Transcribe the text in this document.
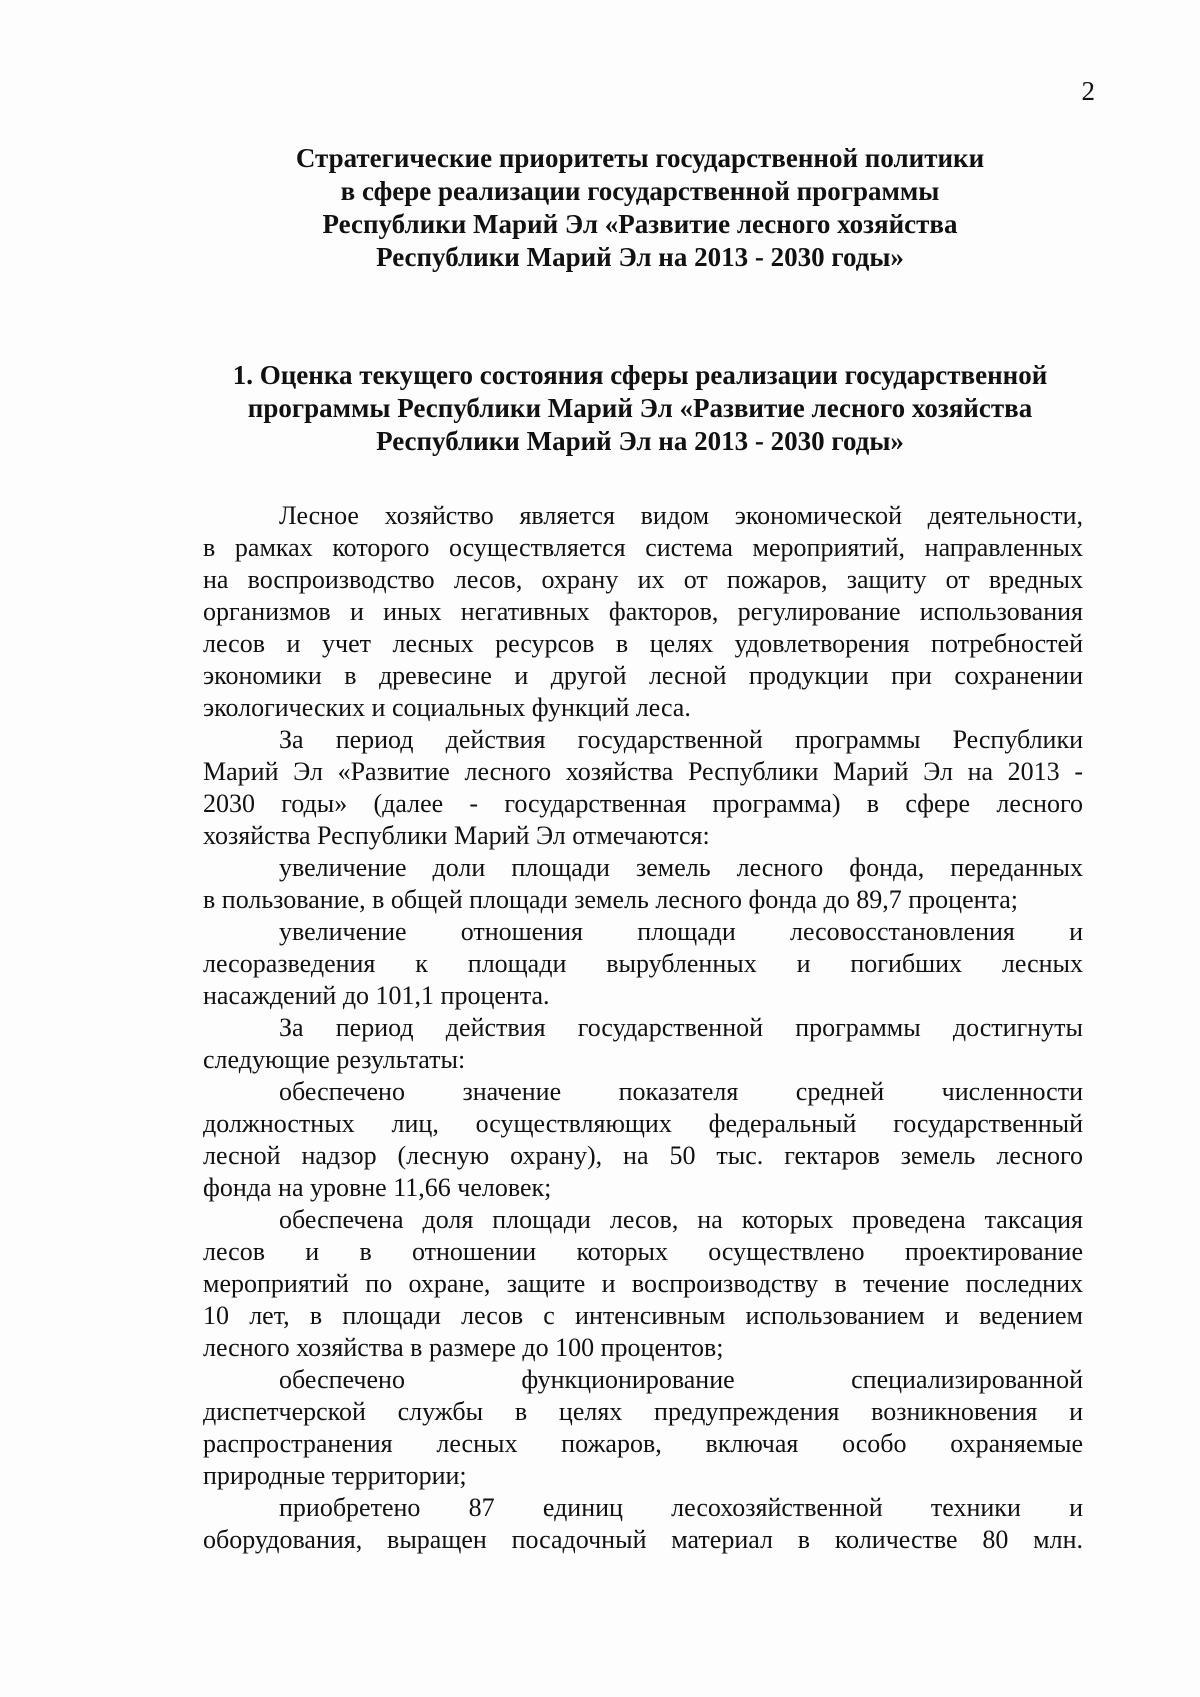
2
Стратегические приоритеты государственной политики
в сфере реализации государственной программы
Республики Марий Эл «Развитие лесного хозяйства
Республики Марий Эл на 2013 - 2030 годы»
1. Оценка текущего состояния сферы реализации государственной
программы Республики Марий Эл «Развитие лесного хозяйства
Республики Марий Эл на 2013 - 2030 годы»

Лесное хозяйство является видом экономической деятельности,
в рамках которого осуществляется система мероприятий, направленных
на воспроизводство лесов, охрану их от пожаров, защиту от вредных
организмов и иных негативных факторов, регулирование использования
лесов и учет лесных ресурсов в целях удовлетворения потребностей
экономики в древесине и другой лесной продукции при сохранении
экологических и социальных функций леса.

За период действия государственной программы Республики
Марий Эл «Развитие лесного хозяйства Республики Марий Эл на 2013 -
2030 годы» (далее - государственная программа) в сфере лесного
хозяйства Республики Марий Эл отмечаются:

увеличение доли площади земель лесного фонда, переданных
в пользование, в общей площади земель лесного фонда до 89,7 процента;

увеличение отношения площади лесовосстановления и
лесоразведения к площади вырубленных и погибших лесных
насаждений до 101,1 процента.

За период действия государственной программы достигнуты
следующие результаты:

обеспечено значение показателя средней численности
должностных лиц, осуществляющих федеральный государственный
лесной надзор (лесную охрану), на 50 тыс. гектаров земель лесного
фонда на уровне 11,66 человек;

обеспечена доля площади лесов, на которых проведена таксация
лесов и в отношении которых осуществлено проектирование
мероприятий по охране, защите и воспроизводству в течение последних
10 лет, в площади лесов с интенсивным использованием и ведением
лесного хозяйства в размере до 100 процентов;

обеспечено функционирование специализированной
диспетчерской службы в целях предупреждения возникновения и
распространения лесных пожаров, включая особо охраняемые
природные территории;

приобретено 87 единиц лесохозяйственной техники и
оборудования, выращен посадочный материал в количестве 80 млн.
